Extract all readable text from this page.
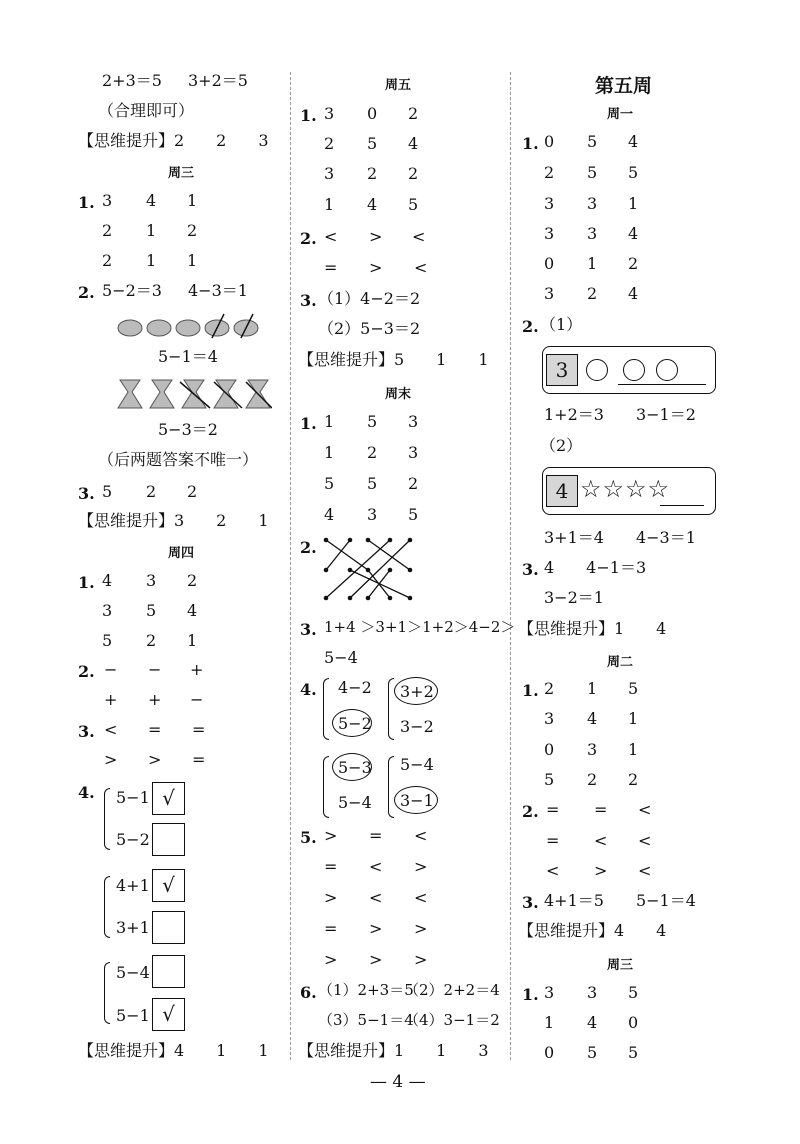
2+3＝5 3+2＝5
（合理即可）
【思维提升】2　　2　　3
周三
1. 3 4 1
2 1 2
2 1 1
2. 5−2＝3 4−3＝1
5−1＝4
5−3＝2
（后两题答案不唯一）
3. 5 2 2
【思维提升】3　　2　　1
周四
1. 4 3 2
3 5 4
5 2 1
2. − − +
+ + −
3. < = =
> > =
4. 5−1 √
5−2
4+1 √
3+1
5−4
5−1 √
【思维提升】4　　1　　1
周五
1. 3 0 2
2 5 4
3 2 2
1 4 5
2. < > <
= > <
3. （1）4−2＝2
（2）5−3＝2
【思维提升】5　　1　　1
周末
1. 1 5 3
1 2 3
5 5 2
4 3 5
2.
3. 1+4 ＞3+1＞1+2＞4−2＞
5−4
4. 4−2
5−2
3+2
3−2
5−3
5−4
5−4
3−1
5. > = <
= < >
> < <
= > >
> > >
6. （1）2+3＝5
（2）2+2＝4
（3）5−1＝4
（4）3−1＝2
【思维提升】1　　1　　3
第五周
周一
1. 0 5 4
2 5 5
3 3 1
3 3 4
0 1 2
3 2 4
2. （1）
3
1+2＝3　　3−1＝2
（2）
4 ☆☆☆☆
3+1＝4　　4−3＝1
3. 4　　4−1＝3
3−2＝1
【思维提升】1　　4
周二
1. 2 1 5
3 4 1
0 3 1
5 2 2
2. = = <
= < <
< > <
3. 4+1＝5　　5−1＝4
【思维提升】4　　4
周三
1. 3 3 5
1 4 0
0 5 5
— 4 —
